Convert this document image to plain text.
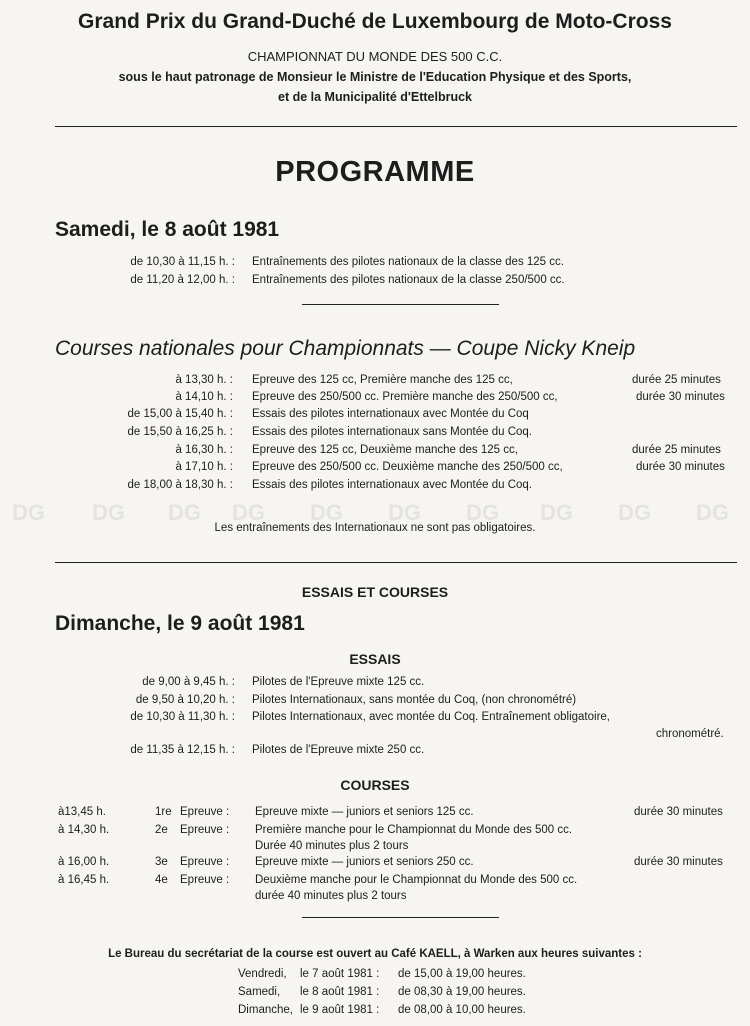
Grand Prix du Grand-Duché de Luxembourg de Moto-Cross
CHAMPIONNAT DU MONDE DES 500 C.C.
sous le haut patronage de Monsieur le Ministre de l'Education Physique et des Sports,
et de la Municipalité d'Ettelbruck
PROGRAMME
Samedi, le 8 août 1981
de 10,30 à 11,15 h. : Entraînements des pilotes nationaux de la classe des 125 cc.
de 11,20 à 12,00 h. : Entraînements des pilotes nationaux de la classe 250/500 cc.
Courses nationales pour Championnats — Coupe Nicky Kneip
à 13,30 h. : Epreuve des 125 cc, Première manche des 125 cc,	durée 25 minutes
à 14,10 h. : Epreuve des 250/500 cc. Première manche des 250/500 cc,	durée 30 minutes
de 15,00 à 15,40 h. : Essais des pilotes internationaux avec Montée du Coq
de 15,50 à 16,25 h. : Essais des pilotes internationaux sans Montée du Coq.
à 16,30 h. : Epreuve des 125 cc, Deuxième manche des 125 cc,	durée 25 minutes
à 17,10 h. : Epreuve des 250/500 cc. Deuxième manche des 250/500 cc,	durée 30 minutes
de 18,00 à 18,30 h. : Essais des pilotes internationaux avec Montée du Coq.
DG DG DG DG DG DG DG DG DG DG
Les entraînements des Internationaux ne sont pas obligatoires.
ESSAIS ET COURSES
Dimanche, le 9 août 1981
ESSAIS
de 9,00 à 9,45 h. : Pilotes de l'Epreuve mixte 125 cc.
de 9,50 à 10,20 h. : Pilotes Internationaux, sans montée du Coq, (non chronométré)
de 10,30 à 11,30 h. : Pilotes Internationaux, avec montée du Coq. Entraînement obligatoire,
chronométré.
de 11,35 à 12,15 h. : Pilotes de l'Epreuve mixte 250 cc.
COURSES
à13,45 h.	1re Epreuve : Epreuve mixte — juniors et seniors 125 cc.	durée 30 minutes
à 14,30 h.	2e Epreuve : Première manche pour le Championnat du Monde des 500 cc.
Durée 40 minutes plus 2 tours
à 16,00 h.	3e Epreuve : Epreuve mixte — juniors et seniors 250 cc.	durée 30 minutes
à 16,45 h.	4e Epreuve : Deuxième manche pour le Championnat du Monde des 500 cc.
durée 40 minutes plus 2 tours
Le Bureau du secrétariat de la course est ouvert au Café KAELL, à Warken aux heures suivantes :
Vendredi, le 7 août 1981 : de 15,00 à 19,00 heures.
Samedi, le 8 août 1981 : de 08,30 à 19,00 heures.
Dimanche, le 9 août 1981 : de 08,00 à 10,00 heures.
